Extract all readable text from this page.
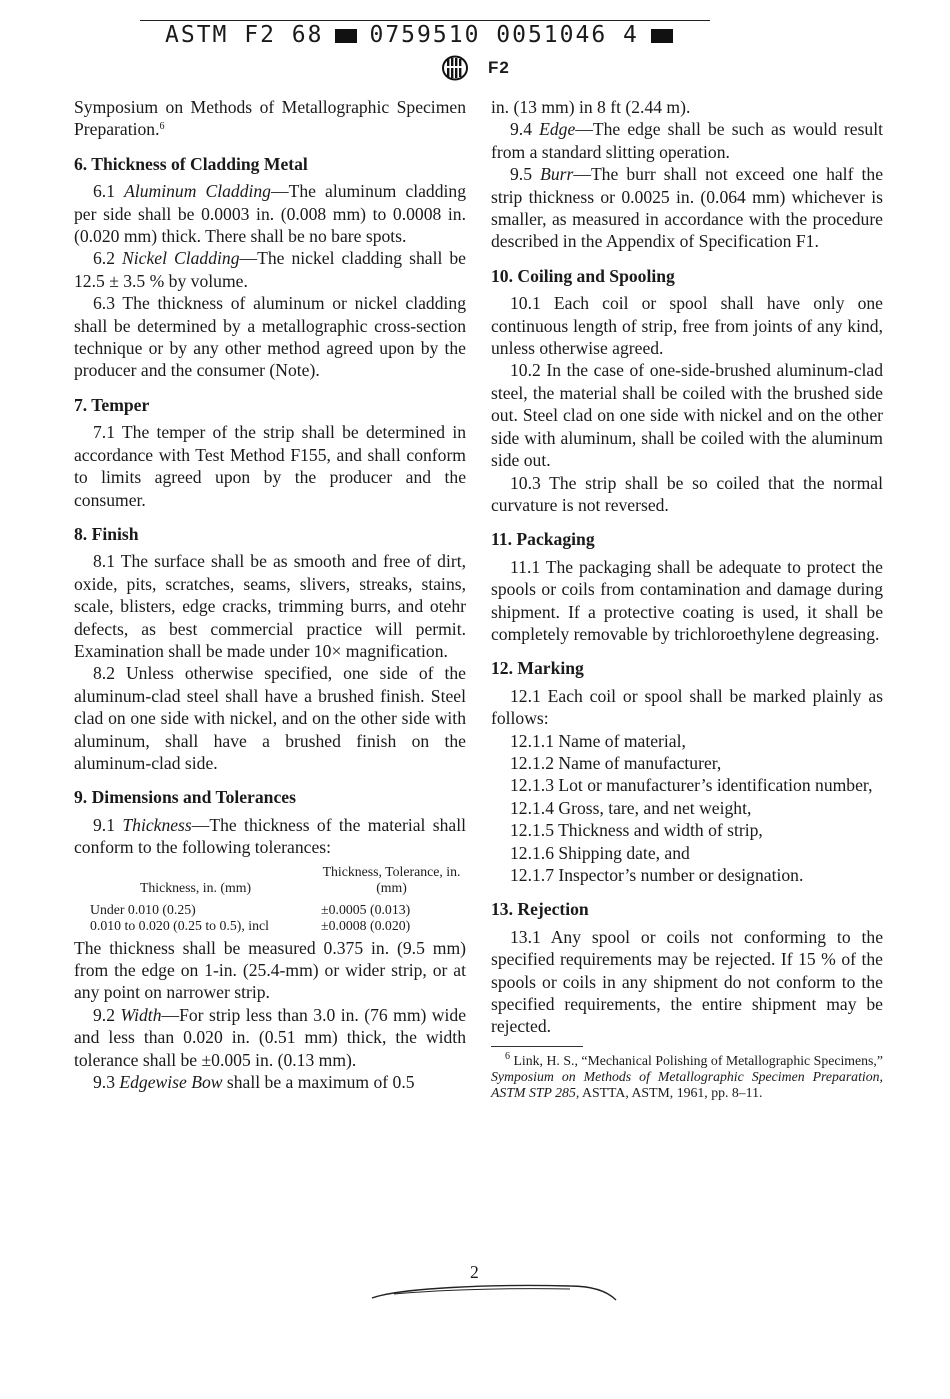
ASTM F2 68 0759510 0051046 4
F2

Symposium on Methods of Metallographic Specimen Preparation.$^6$

6. Thickness of Cladding Metal

6.1 Aluminum Cladding—The aluminum cladding per side shall be 0.0003 in. (0.008 mm) to 0.0008 in. (0.020 mm) thick. There shall be no bare spots.

6.2 Nickel Cladding—The nickel cladding shall be 12.5 ± 3.5 % by volume.

6.3 The thickness of aluminum or nickel cladding shall be determined by a metallographic cross-section technique or by any other method agreed upon by the producer and the consumer (Note).

7. Temper

7.1 The temper of the strip shall be determined in accordance with Test Method F155, and shall conform to limits agreed upon by the producer and the consumer.

8. Finish

8.1 The surface shall be as smooth and free of dirt, oxide, pits, scratches, seams, slivers, streaks, stains, scale, blisters, edge cracks, trimming burrs, and otehr defects, as best commercial practice will permit. Examination shall be made under 10× magnification.

8.2 Unless otherwise specified, one side of the aluminum-clad steel shall have a brushed finish. Steel clad on one side with nickel, and on the other side with aluminum, shall have a brushed finish on the aluminum-clad side.

9. Dimensions and Tolerances

9.1 Thickness—The thickness of the material shall conform to the following tolerances:

Thickness, in. (mm)	Thickness, Tolerance, in. (mm)
Under 0.010 (0.25)	±0.0005 (0.013)
0.010 to 0.020 (0.25 to 0.5), incl	±0.0008 (0.020)

The thickness shall be measured 0.375 in. (9.5 mm) from the edge on 1-in. (25.4-mm) or wider strip, or at any point on narrower strip.

9.2 Width—For strip less than 3.0 in. (76 mm) wide and less than 0.020 in. (0.51 mm) thick, the width tolerance shall be ±0.005 in. (0.13 mm).

9.3 Edgewise Bow shall be a maximum of 0.5

in. (13 mm) in 8 ft (2.44 m).

9.4 Edge—The edge shall be such as would result from a standard slitting operation.

9.5 Burr—The burr shall not exceed one half the strip thickness or 0.0025 in. (0.064 mm) whichever is smaller, as measured in accordance with the procedure described in the Appendix of Specification F1.

10. Coiling and Spooling

10.1 Each coil or spool shall have only one continuous length of strip, free from joints of any kind, unless otherwise agreed.

10.2 In the case of one-side-brushed aluminum-clad steel, the material shall be coiled with the brushed side out. Steel clad on one side with nickel and on the other side with aluminum, shall be coiled with the aluminum side out.

10.3 The strip shall be so coiled that the normal curvature is not reversed.

11. Packaging

11.1 The packaging shall be adequate to protect the spools or coils from contamination and damage during shipment. If a protective coating is used, it shall be completely removable by trichloroethylene degreasing.

12. Marking

12.1 Each coil or spool shall be marked plainly as follows:

12.1.1 Name of material,

12.1.2 Name of manufacturer,

12.1.3 Lot or manufacturer’s identification number,

12.1.4 Gross, tare, and net weight,

12.1.5 Thickness and width of strip,

12.1.6 Shipping date, and

12.1.7 Inspector’s number or designation.

13. Rejection

13.1 Any spool or coils not conforming to the specified requirements may be rejected. If 15 % of the spools or coils in any shipment do not conform to the specified requirements, the entire shipment may be rejected.

$^6$ Link, H. S., “Mechanical Polishing of Metallographic Specimens,” Symposium on Methods of Metallographic Specimen Preparation, ASTM STP 285, ASTTA, ASTM, 1961, pp. 8–11.

2
